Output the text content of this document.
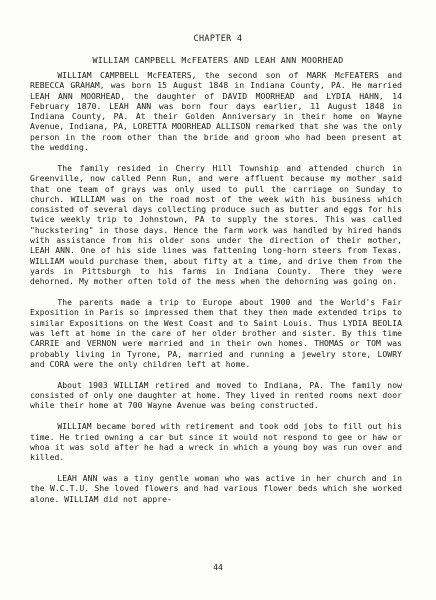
CHAPTER 4
WILLIAM CAMPBELL McFEATERS AND LEAH ANN MOORHEAD

WILLIAM CAMPBELL McFEATERS, the second son of MARK McFEATERS and REBECCA GRAHAM, was born 15 August 1848 in Indiana County, PA. He married LEAH ANN MOORHEAD, the daughter of DAVID MOORHEAD and LYDIA HAHN, 14 February 1870. LEAH ANN was born four days earlier, 11 August 1848 in Indiana County, PA. At their Golden Anniversary in their home on Wayne Avenue, Indiana, PA, LORETTA MOORHEAD ALLISON remarked that she was the only person in the room other than the bride and groom who had been present at the wedding.

The family resided in Cherry Hill Township and attended church in Greenville, now called Penn Run, and were affluent because my mother said that one team of grays was only used to pull the carriage on Sunday to church. WILLIAM was on the road most of the week with his business which consisted of several days collecting produce such as butter and eggs for his twice weekly trip to Johnstown, PA to supply the stores. This was called "huckstering" in those days. Hence the farm work was handled by hired hands with assistance from his older sons under the direction of their mother, LEAH ANN. One of his side lines was fattening long-horn steers from Texas. WILLIAM would purchase them, about fifty at a time, and drive them from the yards in Pittsburgh to his farms in Indiana County. There they were dehorned. My mother often told of the mess when the dehorning was going on.

The parents made a trip to Europe about 1900 and the World's Fair Exposition in Paris so impressed them that they then made extended trips to similar Expositions on the West Coast and to Saint Louis. Thus LYDIA BEOLIA was left at home in the care of her older brother and sister. By this time CARRIE and VERNON were married and in their own homes. THOMAS or TOM was probably living in Tyrone, PA, married and running a jewelry store, LOWRY and CORA were the only children left at home.

About 1903 WILLIAM retired and moved to Indiana, PA. The family now consisted of only one daughter at home. They lived in rented rooms next door while their home at 700 Wayne Avenue was being constructed.

WILLIAM became bored with retirement and took odd jobs to fill out his time. He tried owning a car but since it would not respond to gee or haw or whoa it was sold after he had a wreck in which a young boy was run over and killed.

LEAH ANN was a tiny gentle woman who was active in her church and in the W.C.T.U. She loved flowers and had various flower beds which she worked alone. WILLIAM did not appre-

44
